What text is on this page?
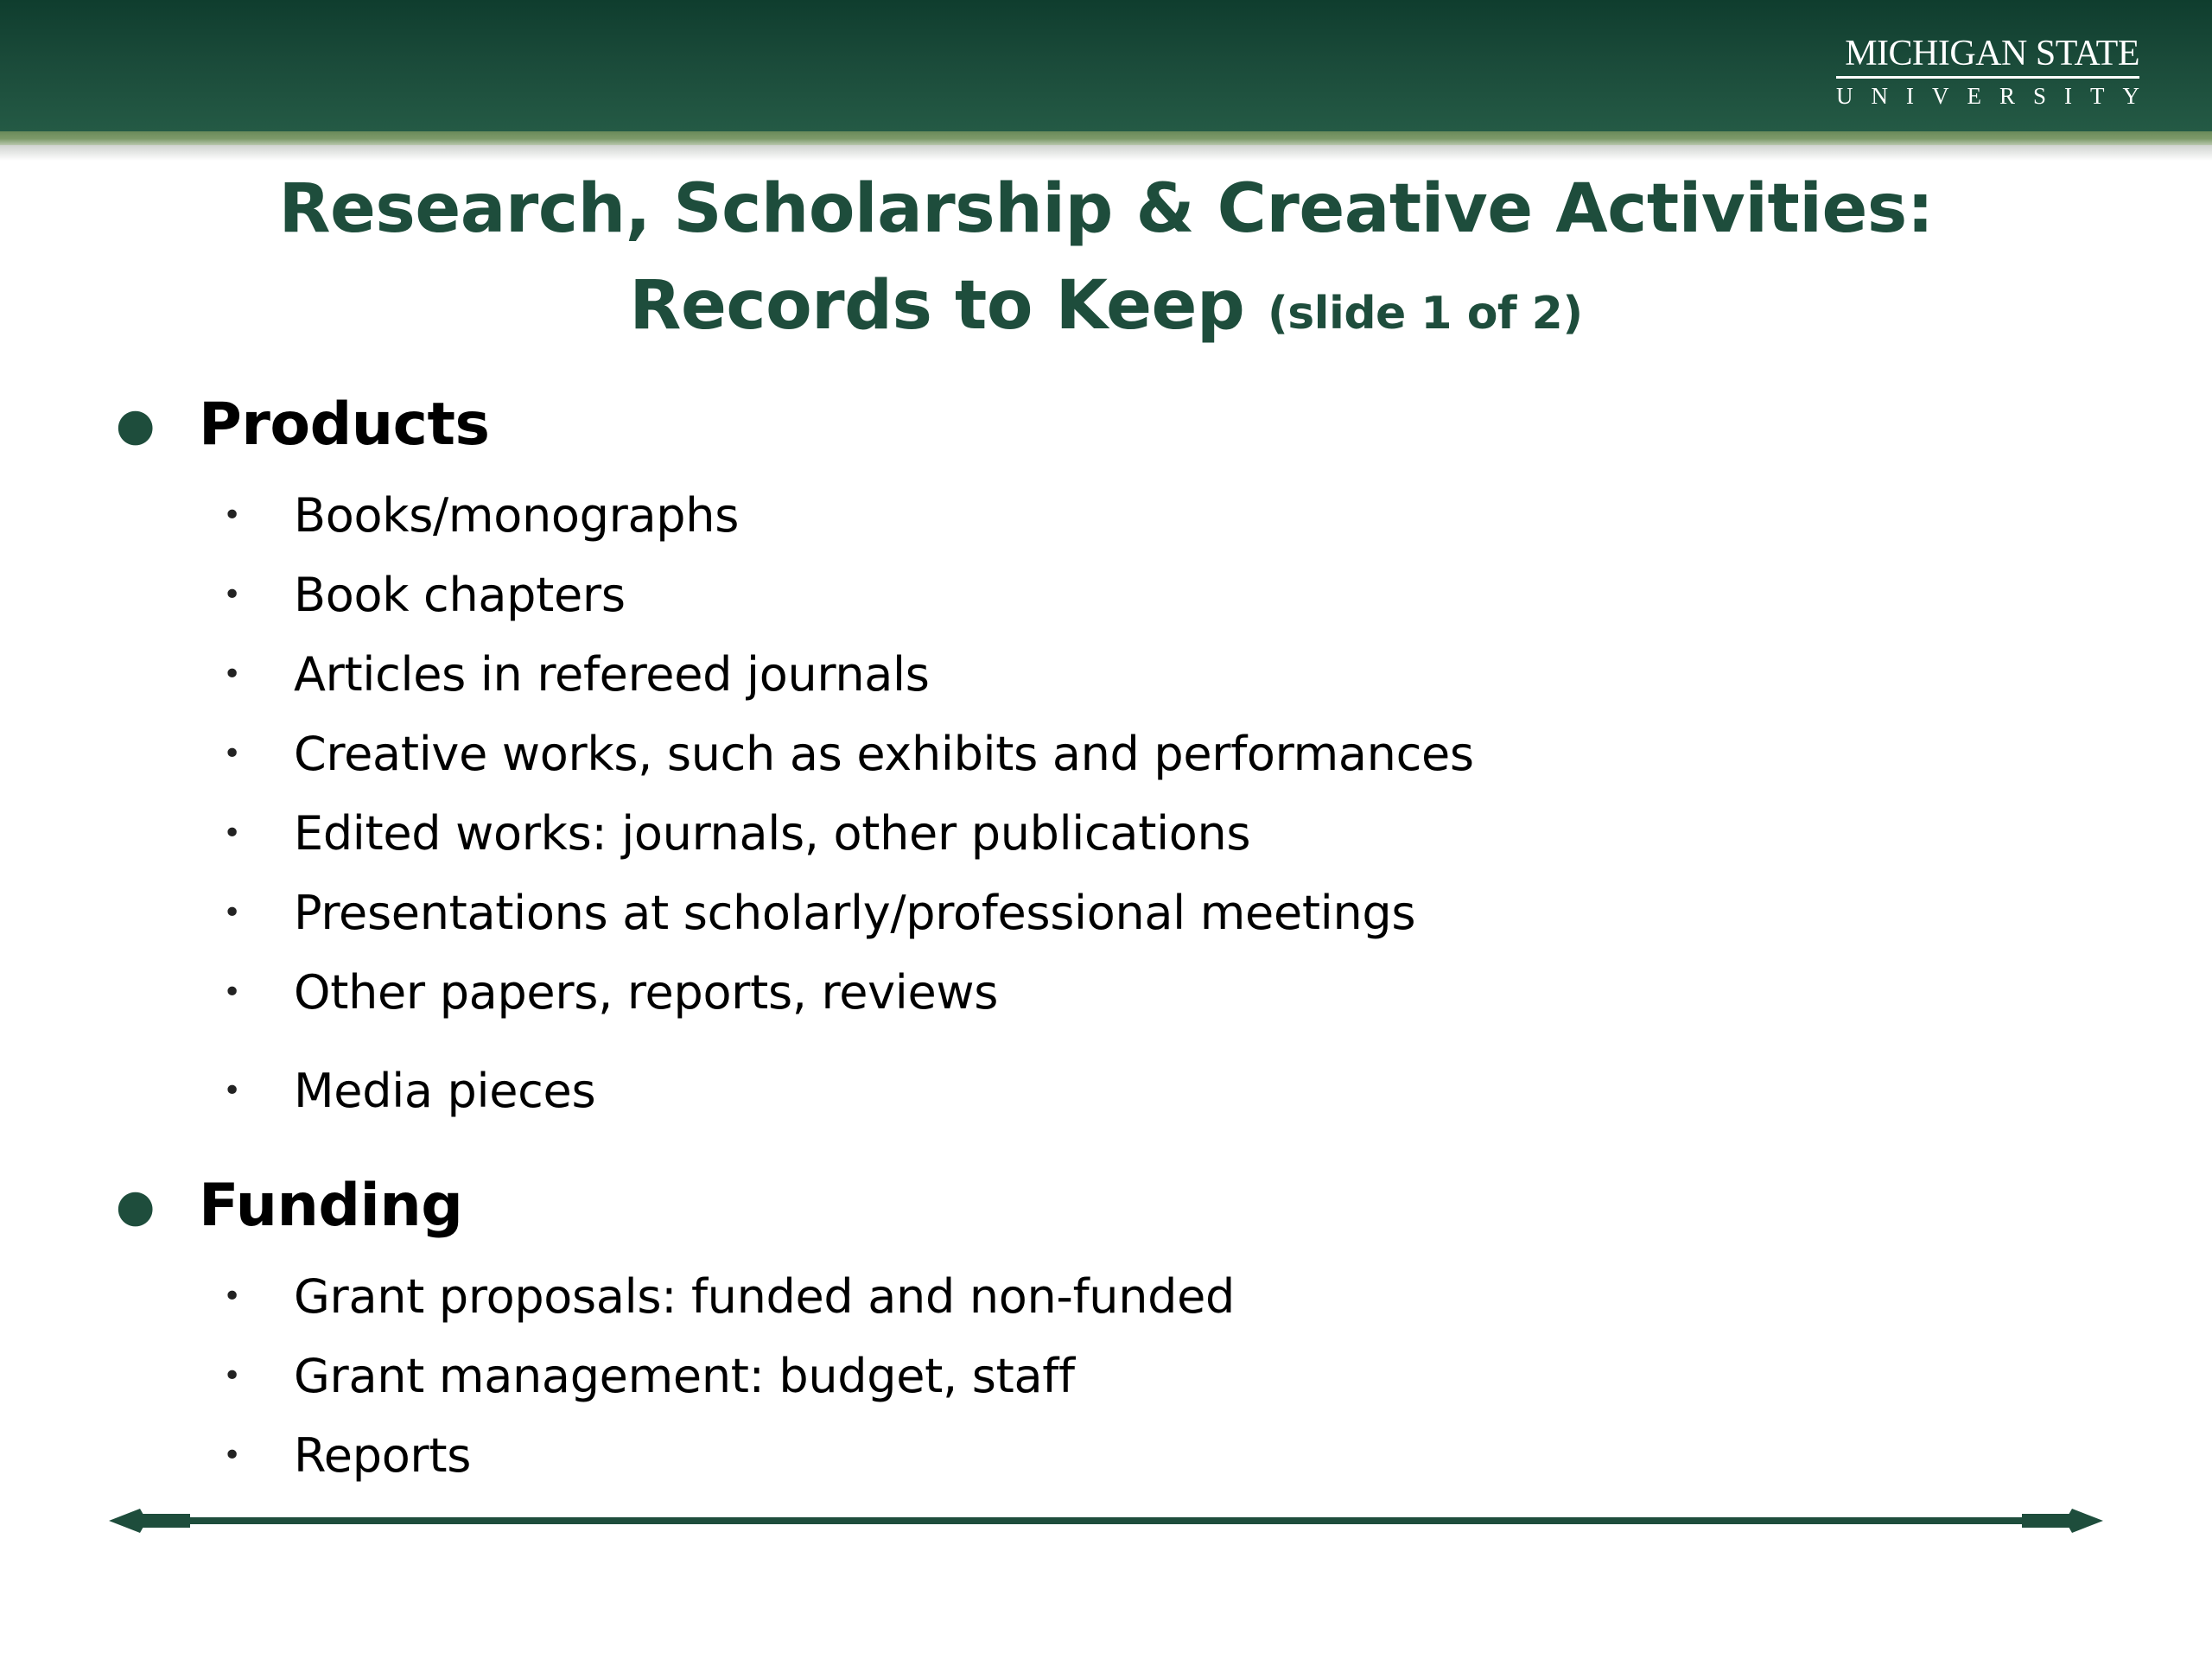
MICHIGAN STATE
UNIVERSITY
Research, Scholarship & Creative Activities:
Records to Keep (slide 1 of 2)
● Products
• Books/monographs
• Book chapters
• Articles in refereed journals
• Creative works, such as exhibits and performances
• Edited works: journals, other publications
• Presentations at scholarly/professional meetings
• Other papers, reports, reviews
• Media pieces
● Funding
• Grant proposals: funded and non-funded
• Grant management: budget, staff
• Reports
